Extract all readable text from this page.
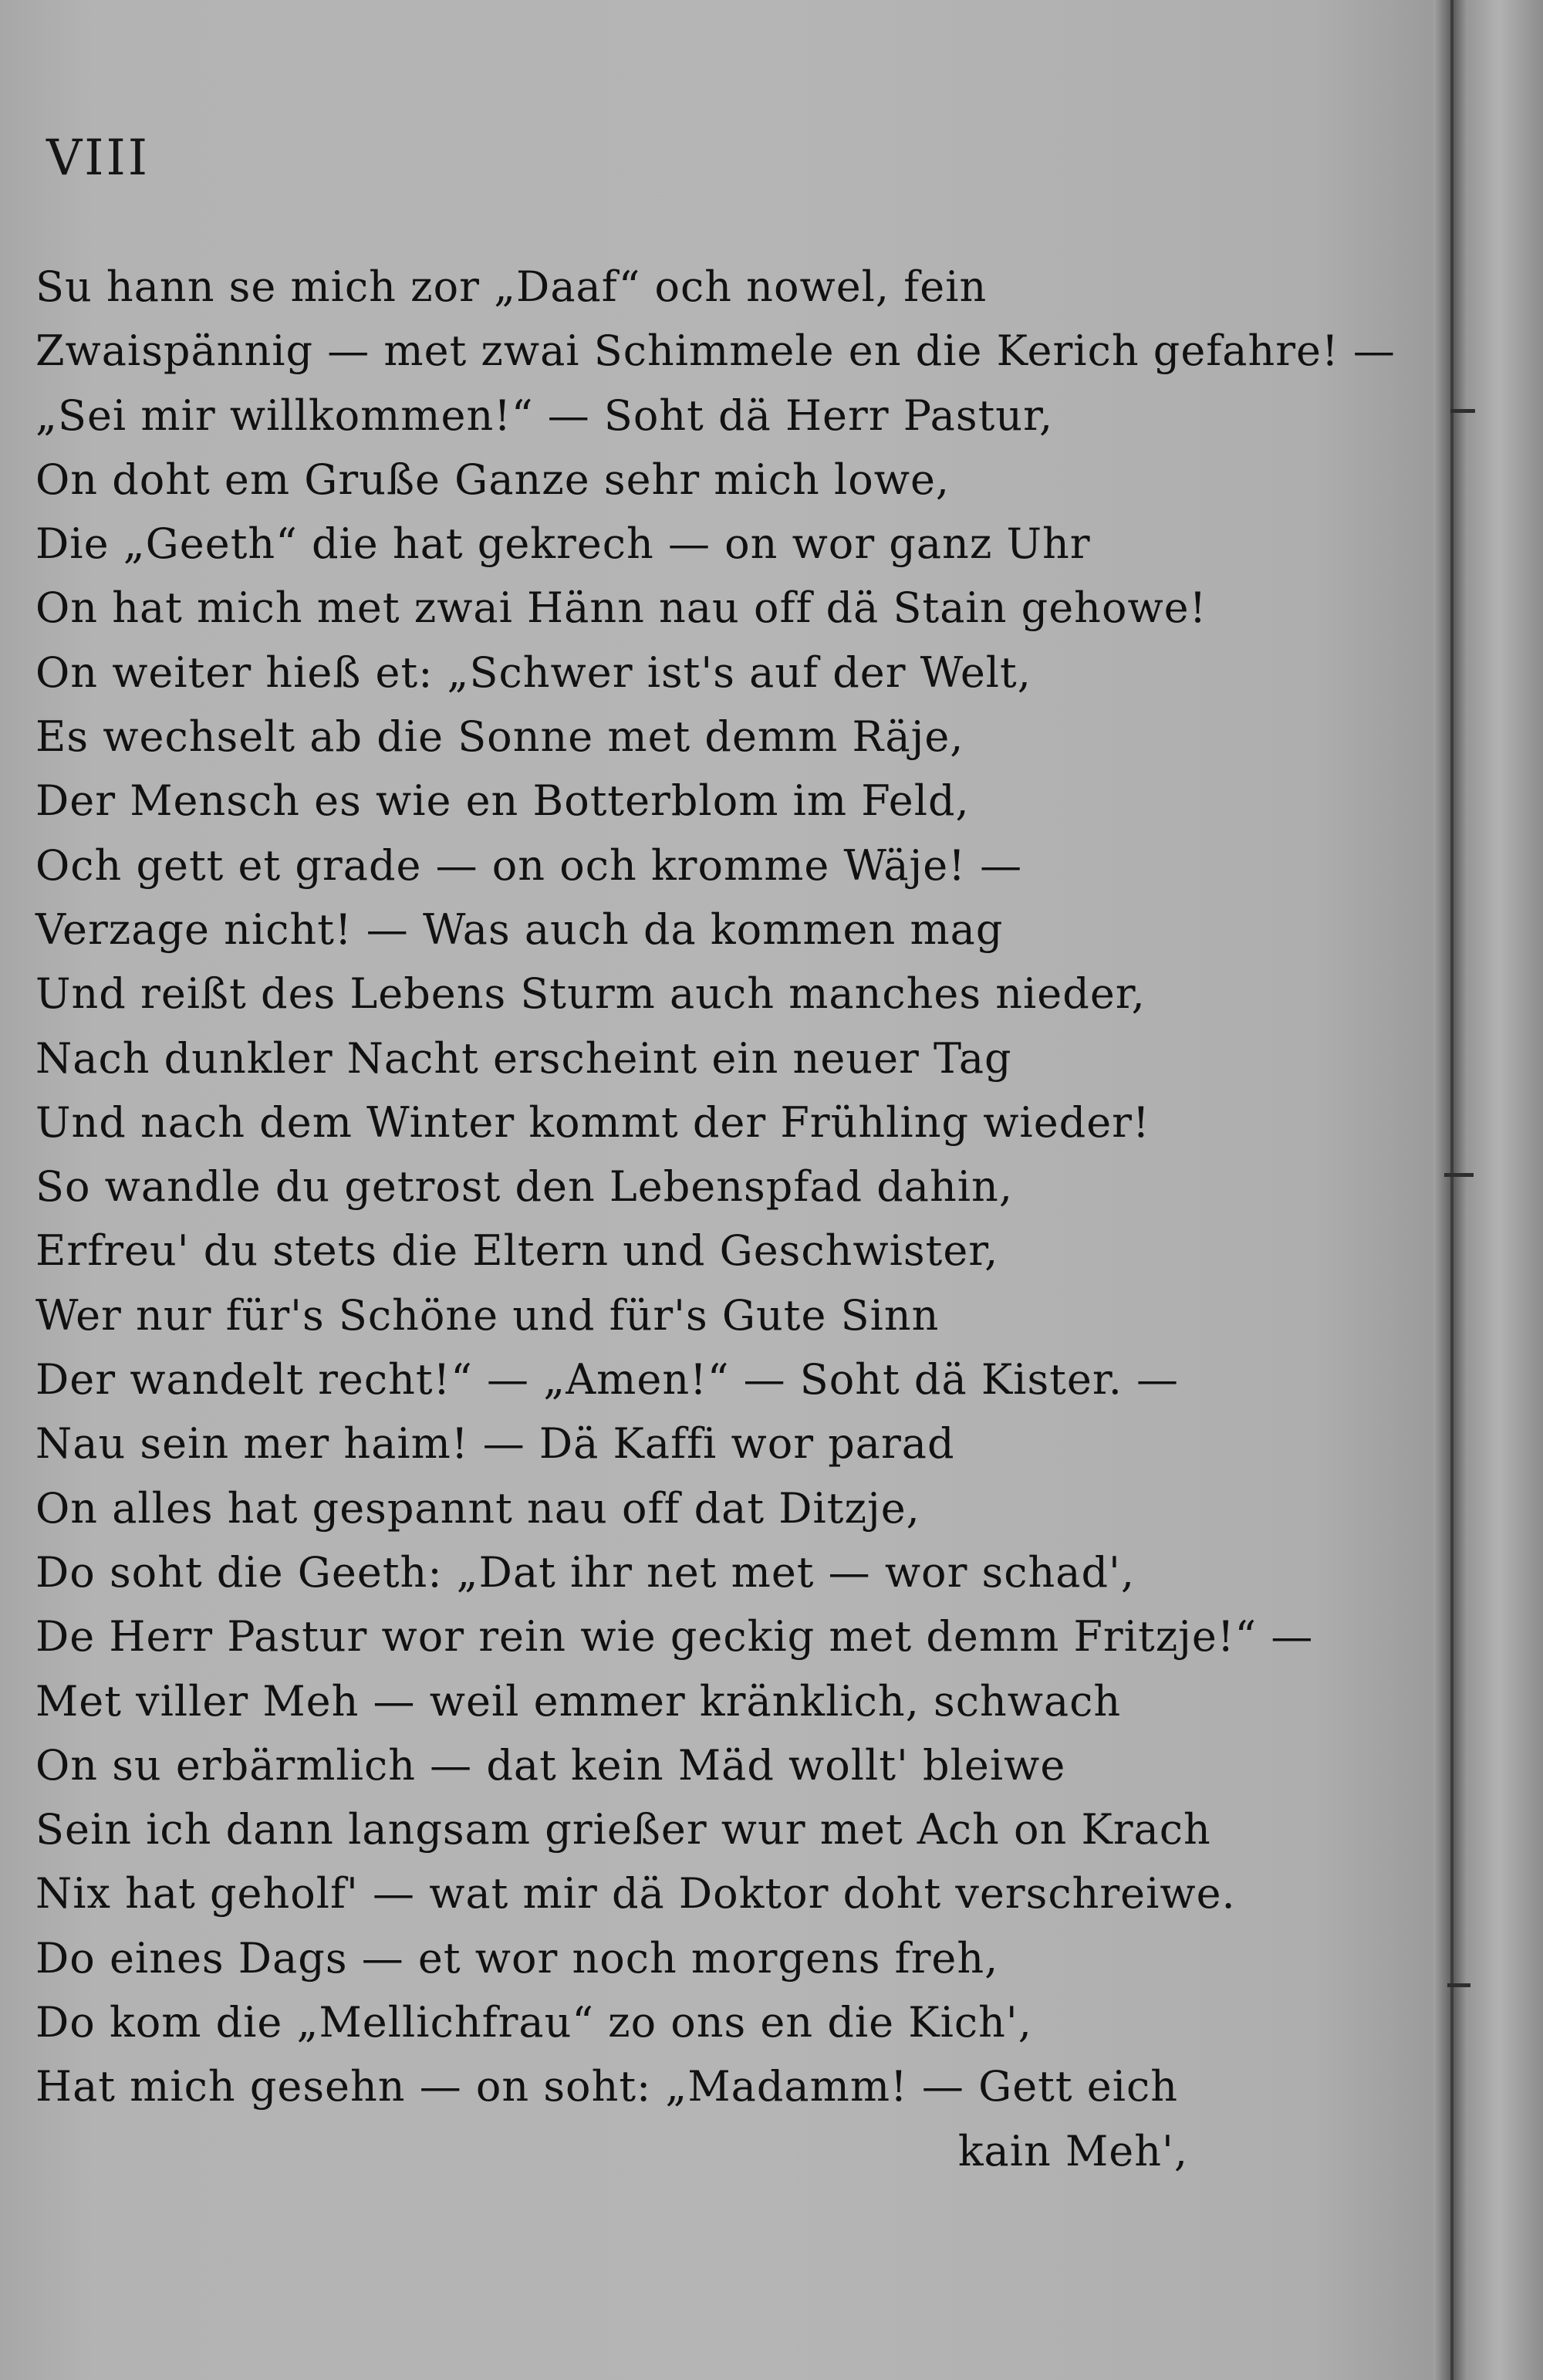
VIII

Su hann se mich zor „Daaf“ och nowel, fein
Zwaispännig — met zwai Schimmele en die Kerich gefahre! —
„Sei mir willkommen!“ — Soht dä Herr Pastur,
On doht em Gruße Ganze sehr mich lowe,
Die „Geeth“ die hat gekrech — on wor ganz Uhr
On hat mich met zwai Hänn nau off dä Stain gehowe!
On weiter hieß et: „Schwer ist's auf der Welt,
Es wechselt ab die Sonne met demm Räje,
Der Mensch es wie en Botterblom im Feld,
Och gett et grade — on och kromme Wäje! —
Verzage nicht! — Was auch da kommen mag
Und reißt des Lebens Sturm auch manches nieder,
Nach dunkler Nacht erscheint ein neuer Tag
Und nach dem Winter kommt der Frühling wieder!
So wandle du getrost den Lebenspfad dahin,
Erfreu' du stets die Eltern und Geschwister,
Wer nur für's Schöne und für's Gute Sinn
Der wandelt recht!“ — „Amen!“ — Soht dä Kister. —
Nau sein mer haim! — Dä Kaffi wor parad
On alles hat gespannt nau off dat Ditzje,
Do soht die Geeth: „Dat ihr net met — wor schad',
De Herr Pastur wor rein wie geckig met demm Fritzje!“ —
Met viller Meh — weil emmer kränklich, schwach
On su erbärmlich — dat kein Mäd wollt' bleiwe
Sein ich dann langsam grießer wur met Ach on Krach
Nix hat geholf' — wat mir dä Doktor doht verschreiwe.
Do eines Dags — et wor noch morgens freh,
Do kom die „Mellichfrau“ zo ons en die Kich',
Hat mich gesehn — on soht: „Madamm! — Gett eich
kain Meh',
